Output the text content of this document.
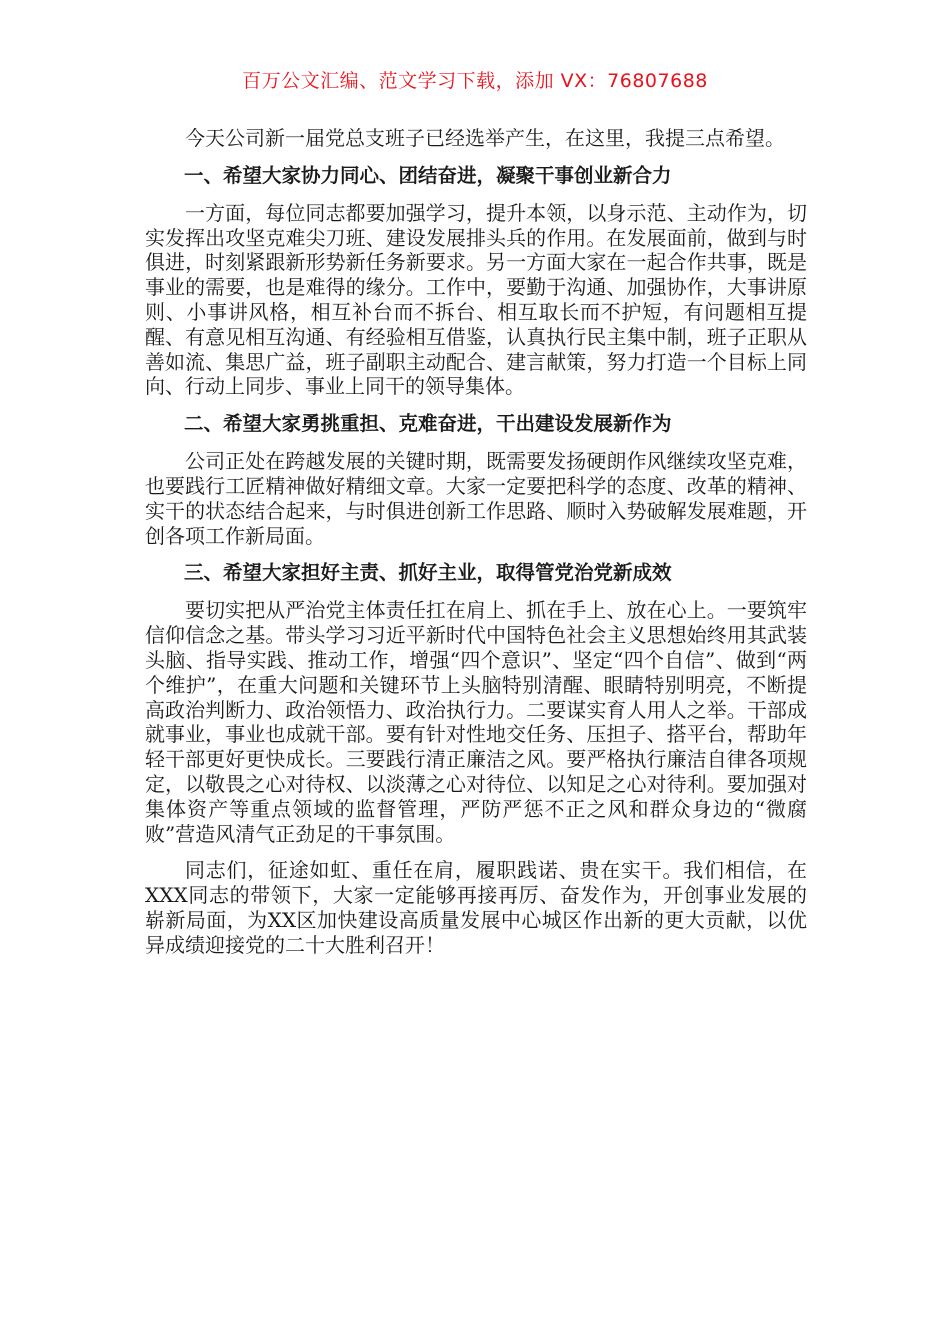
百万公文汇编、范文学习下载，添加 VX：76807688

今天公司新一届党总支班子已经选举产生，在这里，我提三点希望。

一、希望大家协力同心、团结奋进，凝聚干事创业新合力

一方面，每位同志都要加强学习，提升本领，以身示范、主动作为，切实发挥出攻坚克难尖刀班、建设发展排头兵的作用。在发展面前，做到与时俱进，时刻紧跟新形势新任务新要求。另一方面大家在一起合作共事，既是事业的需要，也是难得的缘分。工作中，要勤于沟通、加强协作，大事讲原则、小事讲风格，相互补台而不拆台、相互取长而不护短，有问题相互提醒、有意见相互沟通、有经验相互借鉴，认真执行民主集中制，班子正职从善如流、集思广益，班子副职主动配合、建言献策，努力打造一个目标上同向、行动上同步、事业上同干的领导集体。

二、希望大家勇挑重担、克难奋进，干出建设发展新作为

公司正处在跨越发展的关键时期，既需要发扬硬朗作风继续攻坚克难，也要践行工匠精神做好精细文章。大家一定要把科学的态度、改革的精神、实干的状态结合起来，与时俱进创新工作思路、顺时入势破解发展难题，开创各项工作新局面。

三、希望大家担好主责、抓好主业，取得管党治党新成效

要切实把从严治党主体责任扛在肩上、抓在手上、放在心上。一要筑牢信仰信念之基。带头学习习近平新时代中国特色社会主义思想始终用其武装头脑、指导实践、推动工作，增强“四个意识”、坚定“四个自信”、做到“两个维护”，在重大问题和关键环节上头脑特别清醒、眼睛特别明亮，不断提高政治判断力、政治领悟力、政治执行力。二要谋实育人用人之举。干部成就事业，事业也成就干部。要有针对性地交任务、压担子、搭平台，帮助年轻干部更好更快成长。三要践行清正廉洁之风。要严格执行廉洁自律各项规定，以敬畏之心对待权、以淡薄之心对待位、以知足之心对待利。要加强对集体资产等重点领域的监督管理，严防严惩不正之风和群众身边的“微腐败”营造风清气正劲足的干事氛围。

同志们，征途如虹、重任在肩，履职践诺、贵在实干。我们相信，在XXX同志的带领下，大家一定能够再接再厉、奋发作为，开创事业发展的崭新局面，为XX区加快建设高质量发展中心城区作出新的更大贡献，以优异成绩迎接党的二十大胜利召开！
